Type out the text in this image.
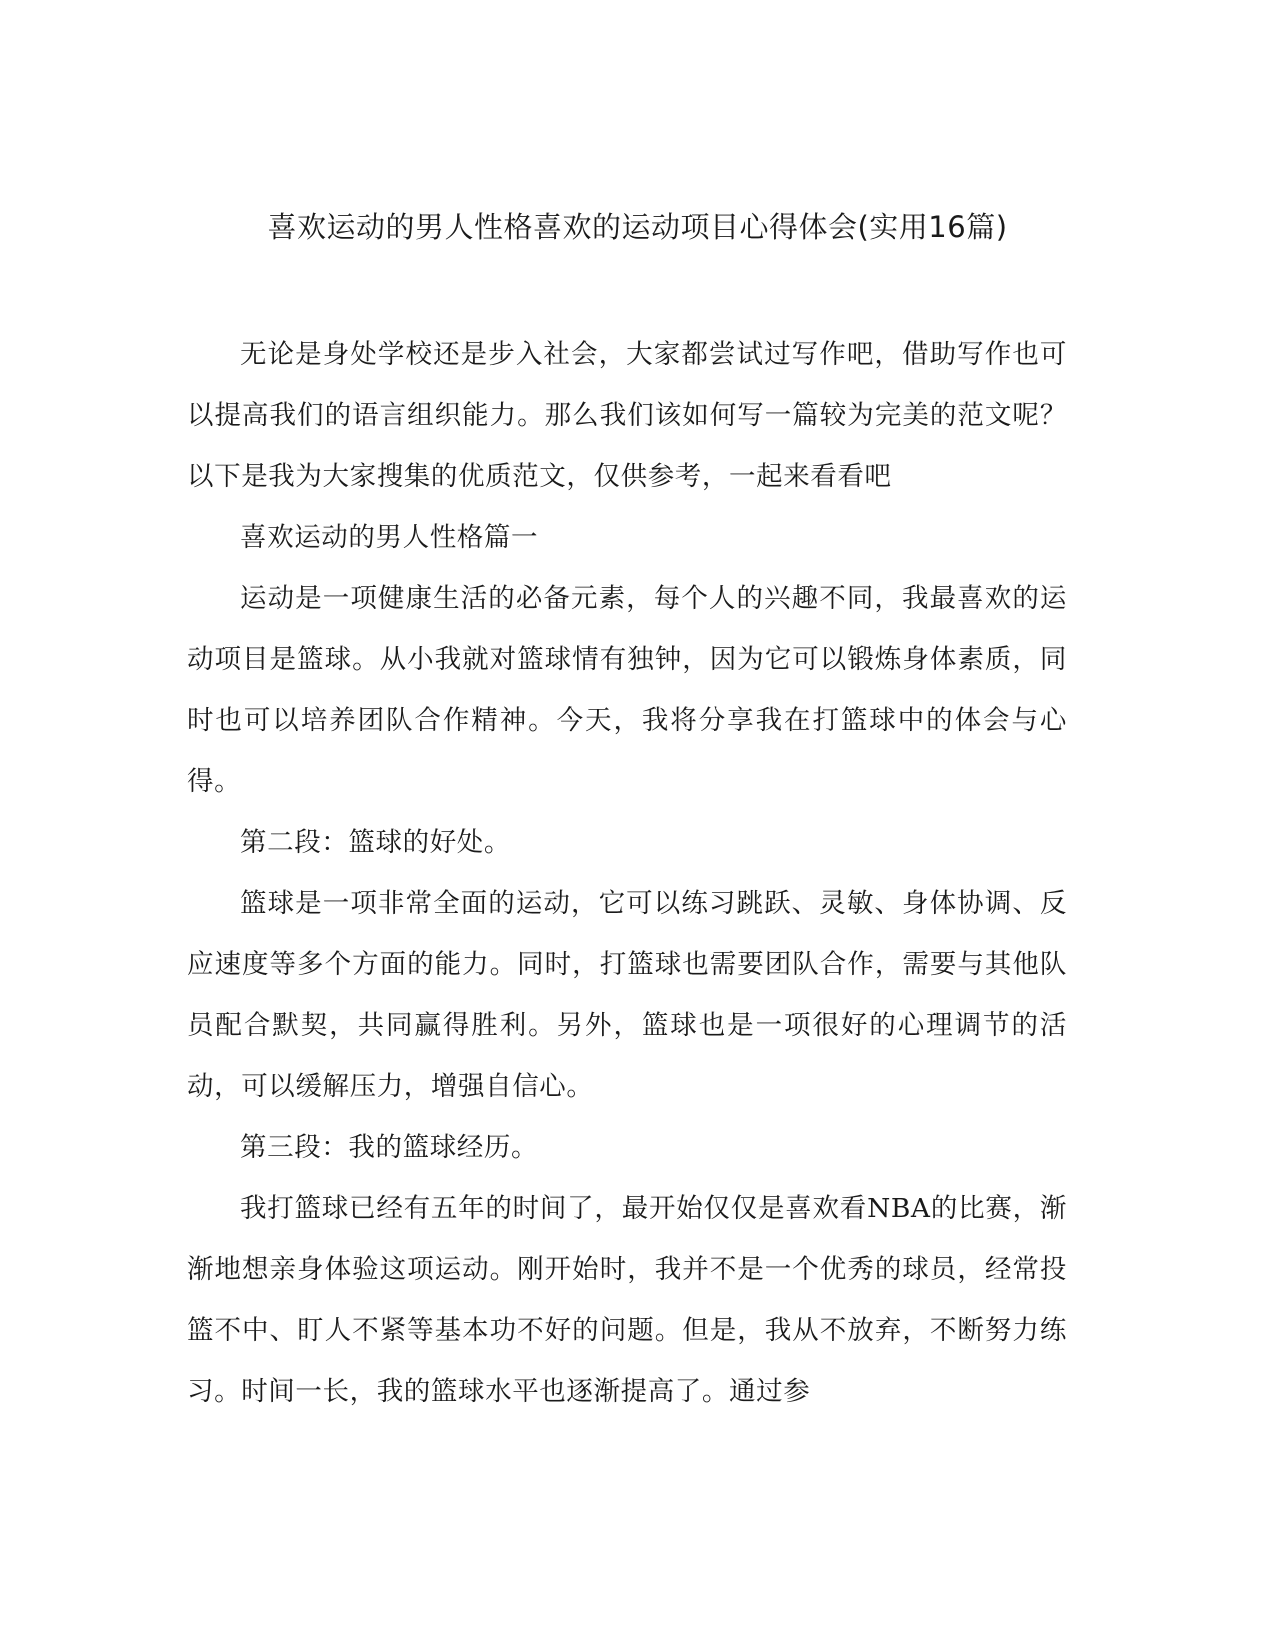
喜欢运动的男人性格喜欢的运动项目心得体会(实用16篇)

无论是身处学校还是步入社会，大家都尝试过写作吧，借助写作也可以提高我们的语言组织能力。那么我们该如何写一篇较为完美的范文呢？以下是我为大家搜集的优质范文，仅供参考，一起来看看吧

喜欢运动的男人性格篇一

运动是一项健康生活的必备元素，每个人的兴趣不同，我最喜欢的运动项目是篮球。从小我就对篮球情有独钟，因为它可以锻炼身体素质，同时也可以培养团队合作精神。今天，我将分享我在打篮球中的体会与心得。

第二段：篮球的好处。

篮球是一项非常全面的运动，它可以练习跳跃、灵敏、身体协调、反应速度等多个方面的能力。同时，打篮球也需要团队合作，需要与其他队员配合默契，共同赢得胜利。另外，篮球也是一项很好的心理调节的活动，可以缓解压力，增强自信心。

第三段：我的篮球经历。

我打篮球已经有五年的时间了，最开始仅仅是喜欢看NBA的比赛，渐渐地想亲身体验这项运动。刚开始时，我并不是一个优秀的球员，经常投篮不中、盯人不紧等基本功不好的问题。但是，我从不放弃，不断努力练习。时间一长，我的篮球水平也逐渐提高了。通过参
